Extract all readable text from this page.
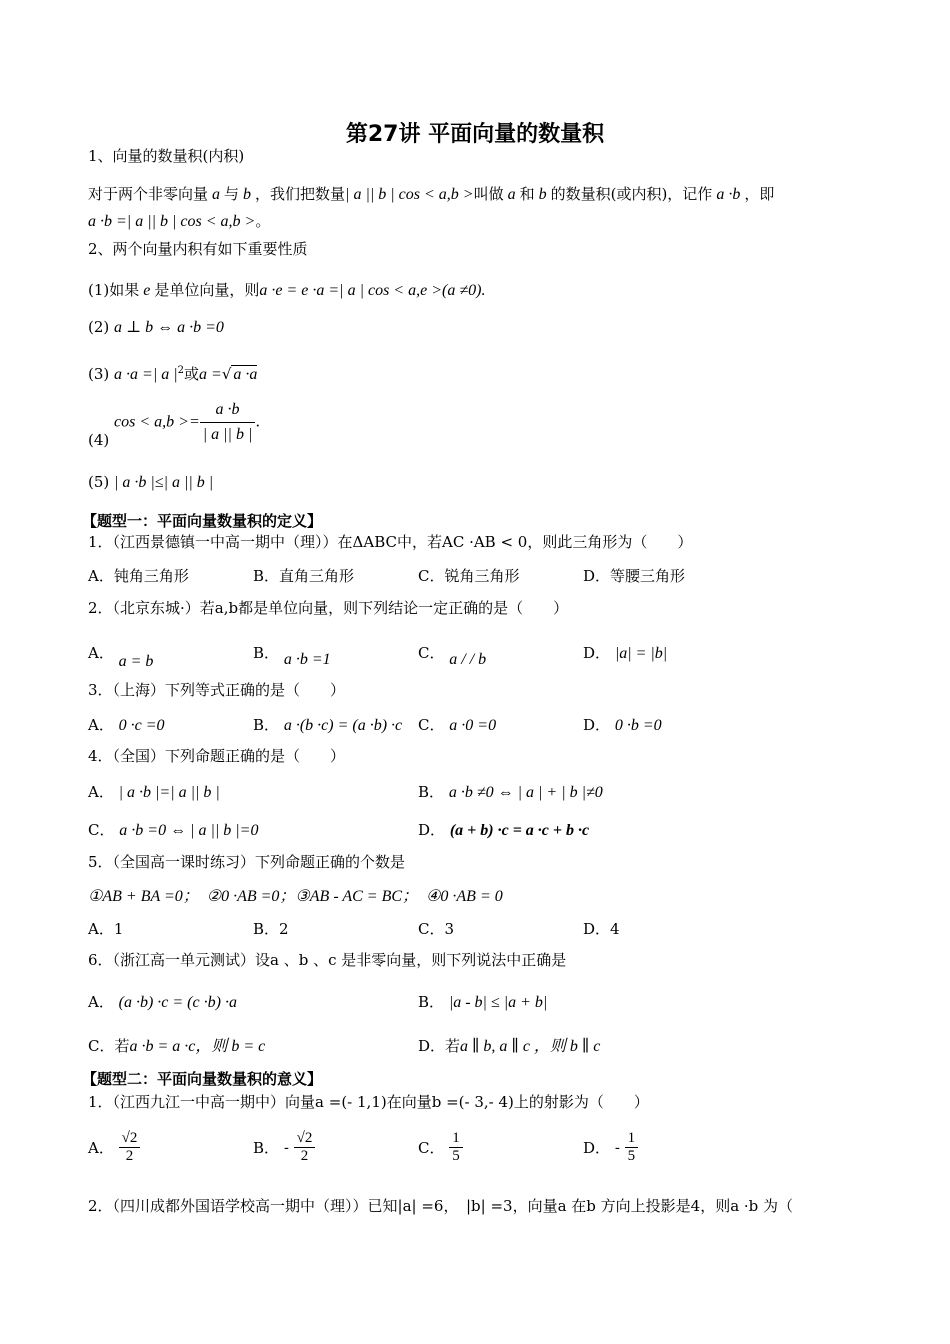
第27讲 平面向量的数量积
1、向量的数量积(内积)
对于两个非零向量 a 与 b ，我们把数量| a || b | cos < a,b >叫做 a 和 b 的数量积(或内积)，记作 a ·b ，即
a ·b =| a || b | cos < a,b >。
2、两个向量内积有如下重要性质
(1)如果 e 是单位向量，则a ·e = e ·a =| a | cos < a,e >(a ≠0).
(2) a ⊥ b ⇔ a ·b =0
(3) a ·a =| a $|^2$或a =√ a ·a
(4) $\cos < a,b >= \frac{a \cdot b}{| a || b |}$ .
(5) | a ·b |≤| a || b |
【题型一：平面向量数量积的定义】
1．（江西景德镇一中高一期中（理））在ΔABC中，若AC ·AB < 0，则此三角形为（　　）
A．钝角三角形	B．直角三角形	C．锐角三角形	D．等腰三角形
2．（北京东城·）若a,b都是单位向量，则下列结论一定正确的是（　　）
A． a = b	B． a ·b =1	C． a / / b	D． |a| = |b|
3．（上海）下列等式正确的是（　　）
A． 0 ·c =0	B． a ·(b ·c) = (a ·b) ·c C． a ·0 =0	D． 0 ·b =0
4．（全国）下列命题正确的是（　　）
A． | a ·b |=| a || b |	B． a ·b ≠0 ⇔ | a | + | b |≠0
C． a ·b =0 ⇔ | a || b |=0	D． (a + b) ·c = a ·c + b ·c
5．（全国高一课时练习）下列命题正确的个数是
①AB + BA =0；　②0 ·AB =0；③AB - AC = BC；　④0 ·AB = 0
A．1	B．2	C．3	D．4
6．（浙江高一单元测试）设a 、b 、c 是非零向量，则下列说法中正确是
A． (a ·b) ·c = (c ·b) ·a	B． |a - b| ≤ |a + b|
C．若a ·b = a ·c，则 b = c	D．若a ∥ b, a ∥ c ，则 b ∥ c
【题型二：平面向量数量积的意义】
1．（江西九江一中高一期中）向量a =(- 1,1)在向量b =(- 3,- 4)上的射影为（　　）
A． $\frac{√2}{2}$	B． - $\frac{√2}{2}$	C． $\frac{1}{5}$	D． - $\frac{1}{5}$
2．（四川成都外国语学校高一期中（理））已知|a| =6，　|b| =3，向量a 在b 方向上投影是4，则a ·b 为（
